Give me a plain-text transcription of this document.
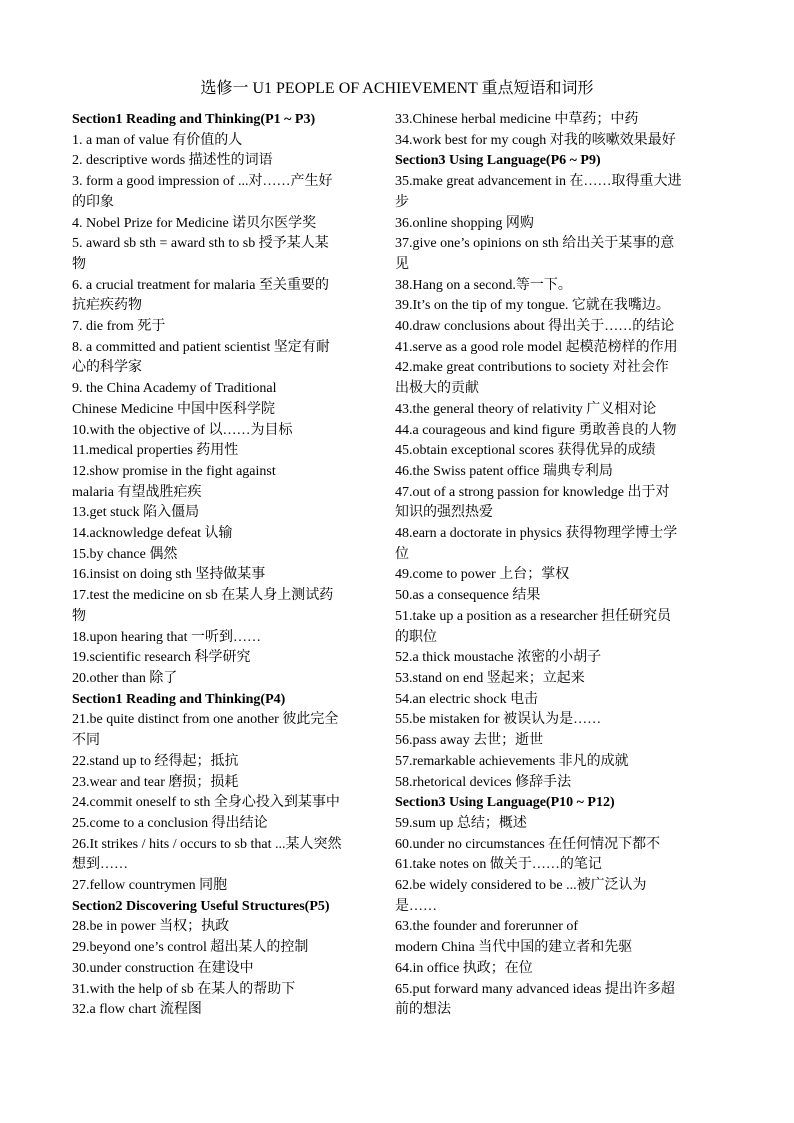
选修一 U1 PEOPLE OF ACHIEVEMENT 重点短语和词形
Section1 Reading and Thinking(P1 ~ P3)
1. a man of value 有价值的人
2. descriptive words 描述性的词语
3. form a good impression of ...对……产生好
的印象
4. Nobel Prize for Medicine 诺贝尔医学奖
5. award sb sth = award sth to sb 授予某人某
物
6. a crucial treatment for malaria 至关重要的
抗疟疾药物
7. die from 死于
8. a committed and patient scientist 坚定有耐
心的科学家
9. the China Academy of Traditional
Chinese Medicine 中国中医科学院
10.with the objective of 以……为目标
11.medical properties 药用性
12.show promise in the fight against
malaria 有望战胜疟疾
13.get stuck 陷入僵局
14.acknowledge defeat 认输
15.by chance 偶然
16.insist on doing sth 坚持做某事
17.test the medicine on sb 在某人身上测试药
物
18.upon hearing that 一听到……
19.scientific research 科学研究
20.other than 除了
Section1 Reading and Thinking(P4)
21.be quite distinct from one another 彼此完全
不同
22.stand up to 经得起；抵抗
23.wear and tear 磨损；损耗
24.commit oneself to sth 全身心投入到某事中
25.come to a conclusion 得出结论
26.It strikes / hits / occurs to sb that ...某人突然
想到……
27.fellow countrymen 同胞
Section2 Discovering Useful Structures(P5)
28.be in power 当权；执政
29.beyond one’s control 超出某人的控制
30.under construction 在建设中
31.with the help of sb 在某人的帮助下
32.a flow chart 流程图
33.Chinese herbal medicine 中草药；中药
34.work best for my cough 对我的咳嗽效果最好
Section3 Using Language(P6 ~ P9)
35.make great advancement in 在……取得重大进
步
36.online shopping 网购
37.give one’s opinions on sth 给出关于某事的意
见
38.Hang on a second.等一下。
39.It’s on the tip of my tongue. 它就在我嘴边。
40.draw conclusions about 得出关于……的结论
41.serve as a good role model 起模范榜样的作用
42.make great contributions to society 对社会作
出极大的贡献
43.the general theory of relativity 广义相对论
44.a courageous and kind figure 勇敢善良的人物
45.obtain exceptional scores 获得优异的成绩
46.the Swiss patent office 瑞典专利局
47.out of a strong passion for knowledge 出于对
知识的强烈热爱
48.earn a doctorate in physics 获得物理学博士学
位
49.come to power 上台；掌权
50.as a consequence 结果
51.take up a position as a researcher 担任研究员
的职位
52.a thick moustache 浓密的小胡子
53.stand on end 竖起来；立起来
54.an electric shock 电击
55.be mistaken for 被误认为是……
56.pass away 去世；逝世
57.remarkable achievements 非凡的成就
58.rhetorical devices 修辞手法
Section3 Using Language(P10 ~ P12)
59.sum up 总结；概述
60.under no circumstances 在任何情况下都不
61.take notes on 做关于……的笔记
62.be widely considered to be ...被广泛认为
是……
63.the founder and forerunner of
modern China 当代中国的建立者和先驱
64.in office 执政；在位
65.put forward many advanced ideas 提出许多超
前的想法
